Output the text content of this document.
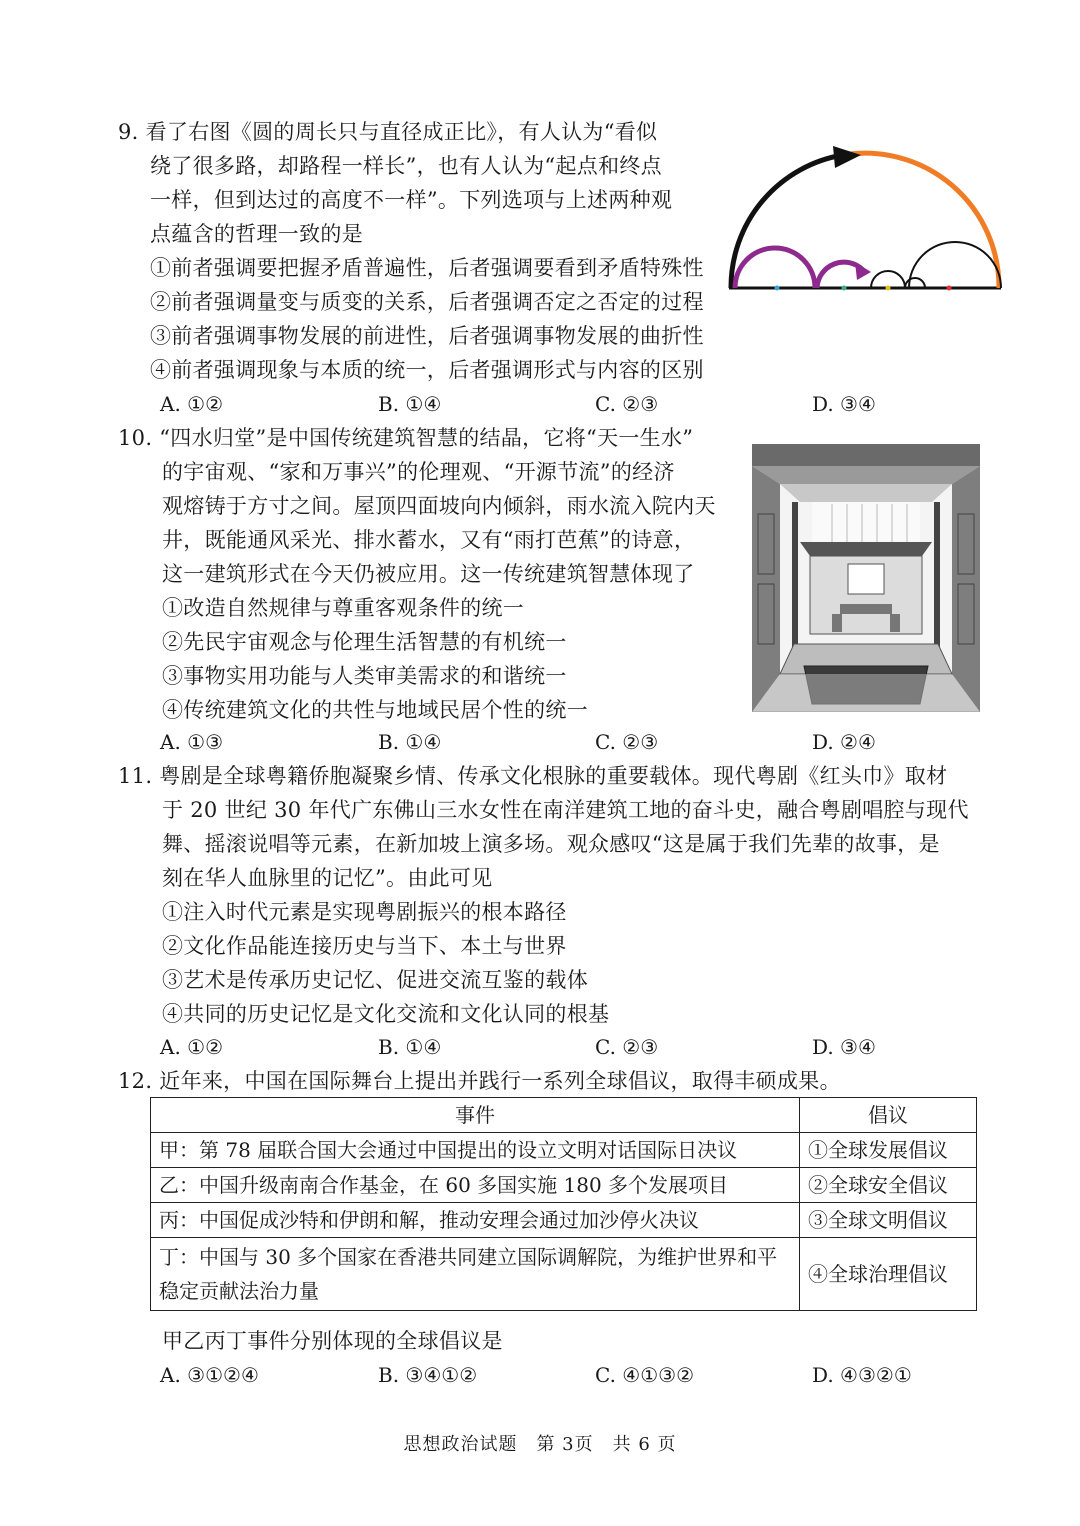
9. 看了右图《圆的周长只与直径成正比》，有人认为“看似
绕了很多路，却路程一样长”，也有人认为“起点和终点
一样，但到达过的高度不一样”。下列选项与上述两种观
点蕴含的哲理一致的是
①前者强调要把握矛盾普遍性，后者强调要看到矛盾特殊性
②前者强调量变与质变的关系，后者强调否定之否定的过程
③前者强调事物发展的前进性，后者强调事物发展的曲折性
④前者强调现象与本质的统一，后者强调形式与内容的区别
A. ①②	B. ①④	C. ②③	D. ③④
10. “四水归堂”是中国传统建筑智慧的结晶，它将“天一生水”
的宇宙观、“家和万事兴”的伦理观、“开源节流”的经济
观熔铸于方寸之间。屋顶四面坡向内倾斜，雨水流入院内天
井，既能通风采光、排水蓄水，又有“雨打芭蕉”的诗意，
这一建筑形式在今天仍被应用。这一传统建筑智慧体现了
①改造自然规律与尊重客观条件的统一
②先民宇宙观念与伦理生活智慧的有机统一
③事物实用功能与人类审美需求的和谐统一
④传统建筑文化的共性与地域民居个性的统一
A. ①③	B. ①④	C. ②③	D. ②④
11. 粤剧是全球粤籍侨胞凝聚乡情、传承文化根脉的重要载体。现代粤剧《红头巾》取材
于 20 世纪 30 年代广东佛山三水女性在南洋建筑工地的奋斗史，融合粤剧唱腔与现代
舞、摇滚说唱等元素，在新加坡上演多场。观众感叹“这是属于我们先辈的故事，是
刻在华人血脉里的记忆”。由此可见
①注入时代元素是实现粤剧振兴的根本路径
②文化作品能连接历史与当下、本土与世界
③艺术是传承历史记忆、促进交流互鉴的载体
④共同的历史记忆是文化交流和文化认同的根基
A. ①②	B. ①④	C. ②③	D. ③④
12. 近年来，中国在国际舞台上提出并践行一系列全球倡议，取得丰硕成果。
事件	倡议
甲：第 78 届联合国大会通过中国提出的设立文明对话国际日决议	①全球发展倡议
乙：中国升级南南合作基金，在 60 多国实施 180 多个发展项目	②全球安全倡议
丙：中国促成沙特和伊朗和解，推动安理会通过加沙停火决议	③全球文明倡议
丁：中国与 30 多个国家在香港共同建立国际调解院，为维护世界和平稳定贡献法治力量	④全球治理倡议
甲乙丙丁事件分别体现的全球倡议是
A. ③①②④	B. ③④①②	C. ④①③②	D. ④③②①
思想政治试题　第 3页　共 6 页
